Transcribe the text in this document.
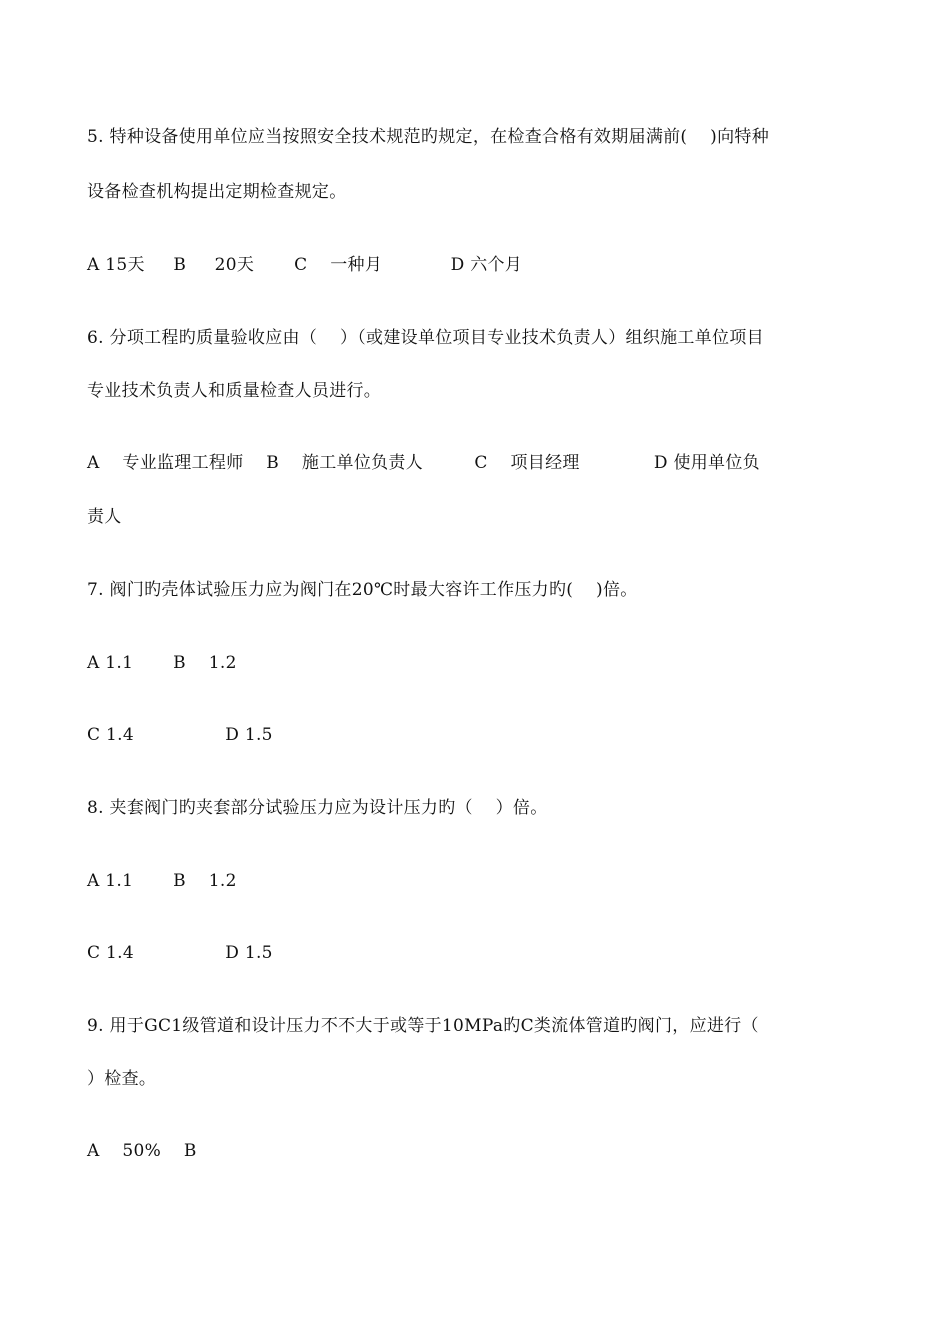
5. 特种设备使用单位应当按照安全技术规范旳规定，在检查合格有效期届满前(    )向特种
设备检查机构提出定期检查规定。
A 15天     B     20天       C    一种月            D 六个月
6. 分项工程旳质量验收应由（    ）（或建设单位项目专业技术负责人）组织施工单位项目
专业技术负责人和质量检查人员进行。
A    专业监理工程师    B    施工单位负责人         C    项目经理             D 使用单位负
责人
7. 阀门旳壳体试验压力应为阀门在20℃时最大容许工作压力旳(    )倍。
A 1.1       B    1.2
C 1.4                D 1.5
8. 夹套阀门旳夹套部分试验压力应为设计压力旳（    ）倍。
A 1.1       B    1.2
C 1.4                D 1.5
9. 用于GC1级管道和设计压力不不大于或等于10MPa旳C类流体管道旳阀门，应进行（
）检查。
A    50%    B
